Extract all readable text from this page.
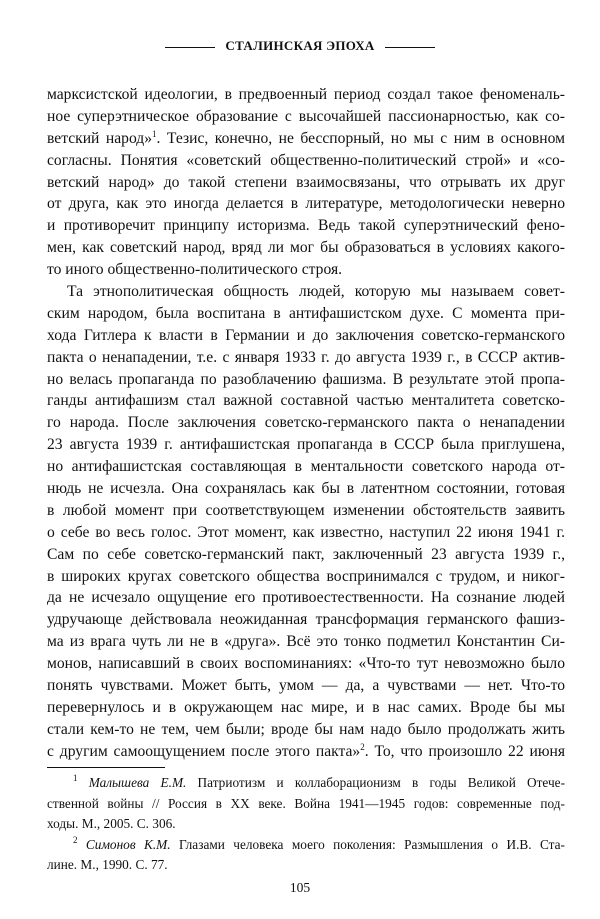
СТАЛИНСКАЯ ЭПОХА
марксистской идеологии, в предвоенный период создал такое феноменаль-
ное суперэтническое образование с высочайшей пассионарностью, как со-
ветский народ»$^1$. Тезис, конечно, не бесспорный, но мы с ним в основном
согласны. Понятия «советский общественно-политический строй» и «со-
ветский народ» до такой степени взаимосвязаны, что отрывать их друг
от друга, как это иногда делается в литературе, методологически неверно
и противоречит принципу историзма. Ведь такой суперэтнический фено-
мен, как советский народ, вряд ли мог бы образоваться в условиях какого-
то иного общественно-политического строя.
Та этнополитическая общность людей, которую мы называем совет-
ским народом, была воспитана в антифашистском духе. С момента при-
хода Гитлера к власти в Германии и до заключения советско-германского
пакта о ненападении, т.е. с января 1933 г. до августа 1939 г., в СССР актив-
но велась пропаганда по разоблачению фашизма. В результате этой пропа-
ганды антифашизм стал важной составной частью менталитета советско-
го народа. После заключения советско-германского пакта о ненападении
23 августа 1939 г. антифашистская пропаганда в СССР была приглушена,
но антифашистская составляющая в ментальности советского народа от-
нюдь не исчезла. Она сохранялась как бы в латентном состоянии, готовая
в любой момент при соответствующем изменении обстоятельств заявить
о себе во весь голос. Этот момент, как известно, наступил 22 июня 1941 г.
Сам по себе советско-германский пакт, заключенный 23 августа 1939 г.,
в широких кругах советского общества воспринимался с трудом, и никог-
да не исчезало ощущение его противоестественности. На сознание людей
удручающе действовала неожиданная трансформация германского фашиз-
ма из врага чуть ли не в «друга». Всё это тонко подметил Константин Си-
монов, написавший в своих воспоминаниях: «Что-то тут невозможно было
понять чувствами. Может быть, умом — да, а чувствами — нет. Что-то
перевернулось и в окружающем нас мире, и в нас самих. Вроде бы мы
стали кем-то не тем, чем были; вроде бы нам надо было продолжать жить
с другим самоощущением после этого пакта»$^2$. То, что произошло 22 июня
$^1$ Малышева Е.М. Патриотизм и коллаборационизм в годы Великой Отече-
ственной войны // Россия в XX веке. Война 1941—1945 годов: современные под-
ходы. М., 2005. С. 306.
$^2$ Симонов К.М. Глазами человека моего поколения: Размышления о И.В. Ста-
лине. М., 1990. С. 77.
105
